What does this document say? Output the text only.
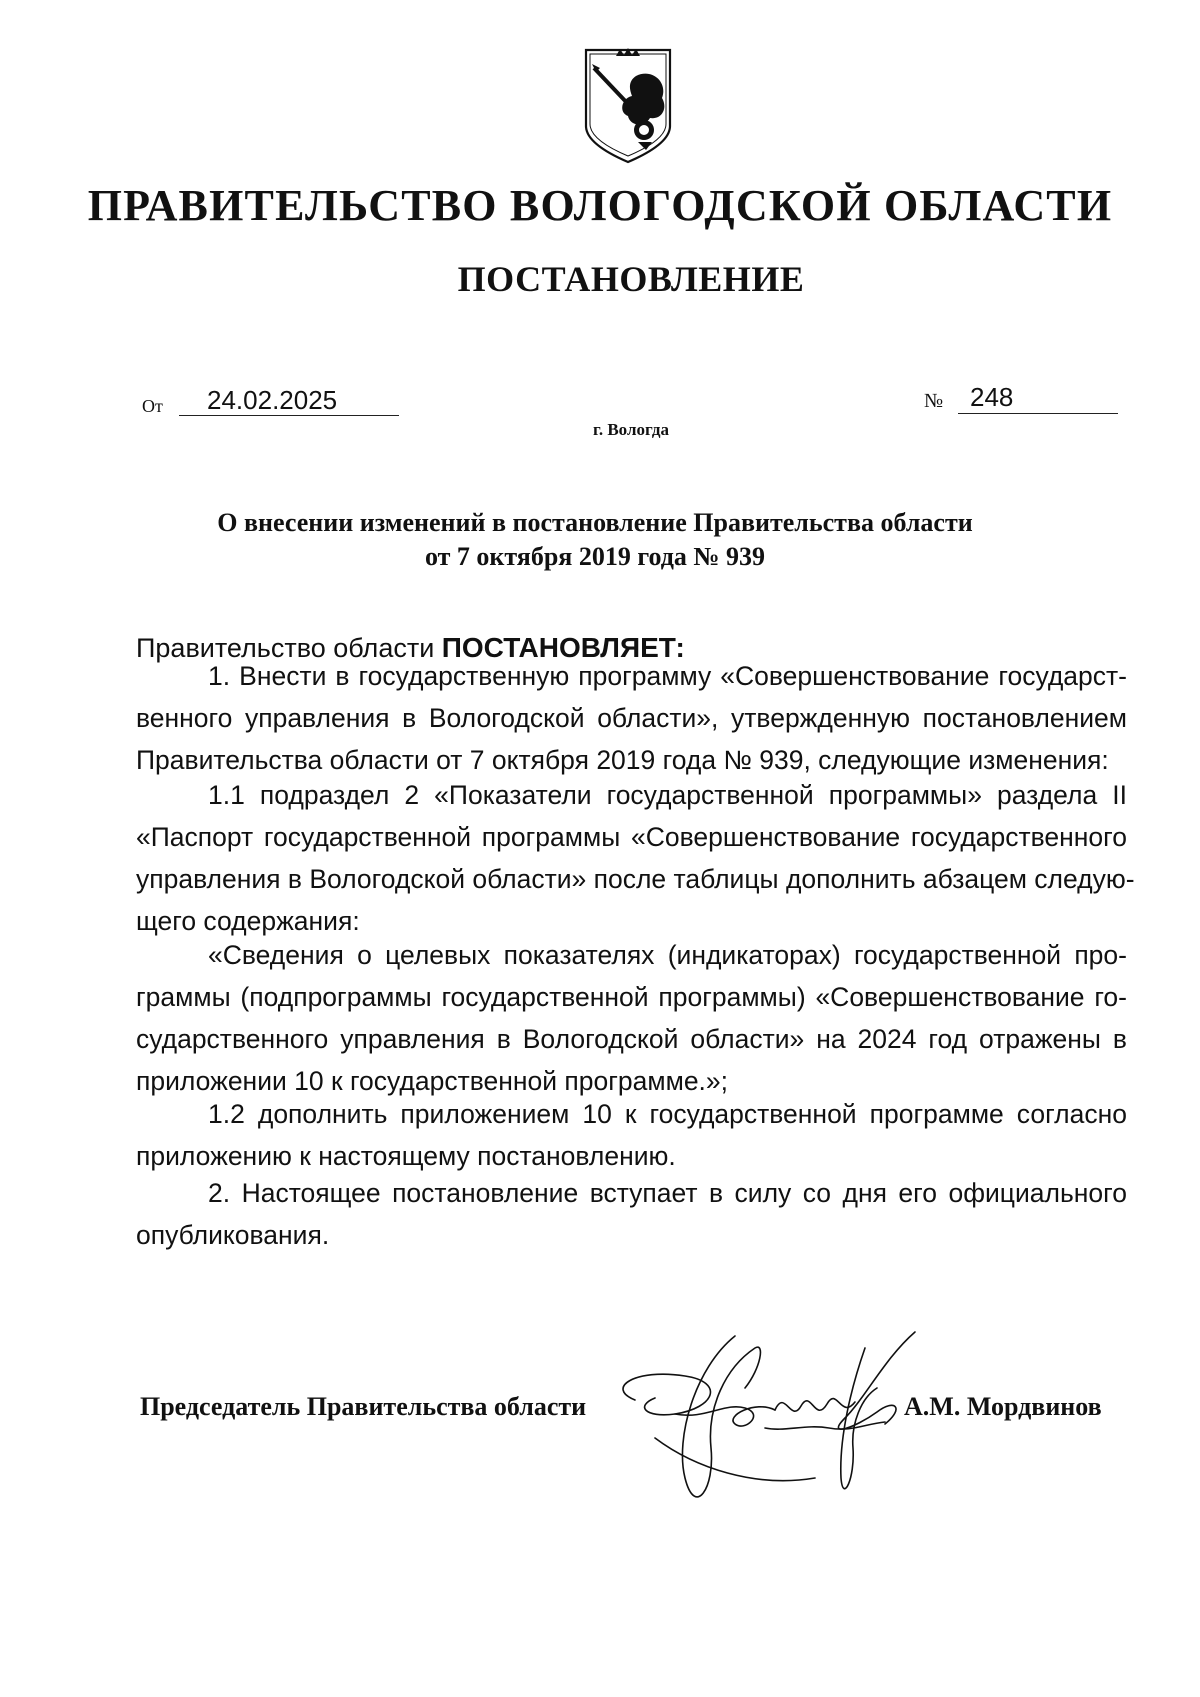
ПРАВИТЕЛЬСТВО ВОЛОГОДСКОЙ ОБЛАСТИ
ПОСТАНОВЛЕНИЕ
От	24.02.2025	№	248
г. Вологда
О внесении изменений в постановление Правительства области
от 7 октября 2019 года № 939
Правительство области ПОСТАНОВЛЯЕТ:
1. Внести в государственную программу «Совершенствование государст-
венного управления в Вологодской области», утвержденную постановлением
Правительства области от 7 октября 2019 года № 939, следующие изменения:
1.1 подраздел 2 «Показатели государственной программы» раздела II
«Паспорт государственной программы «Совершенствование государственного
управления в Вологодской области» после таблицы дополнить абзацем следую-
щего содержания:
«Сведения о целевых показателях (индикаторах) государственной про-
граммы (подпрограммы государственной программы) «Совершенствование го-
сударственного управления в Вологодской области» на 2024 год отражены в
приложении 10 к государственной программе.»;
1.2 дополнить приложением 10 к государственной программе согласно
приложению к настоящему постановлению.
2. Настоящее постановление вступает в силу со дня его официального
опубликования.
Председатель Правительства области	А.М. Мордвинов
